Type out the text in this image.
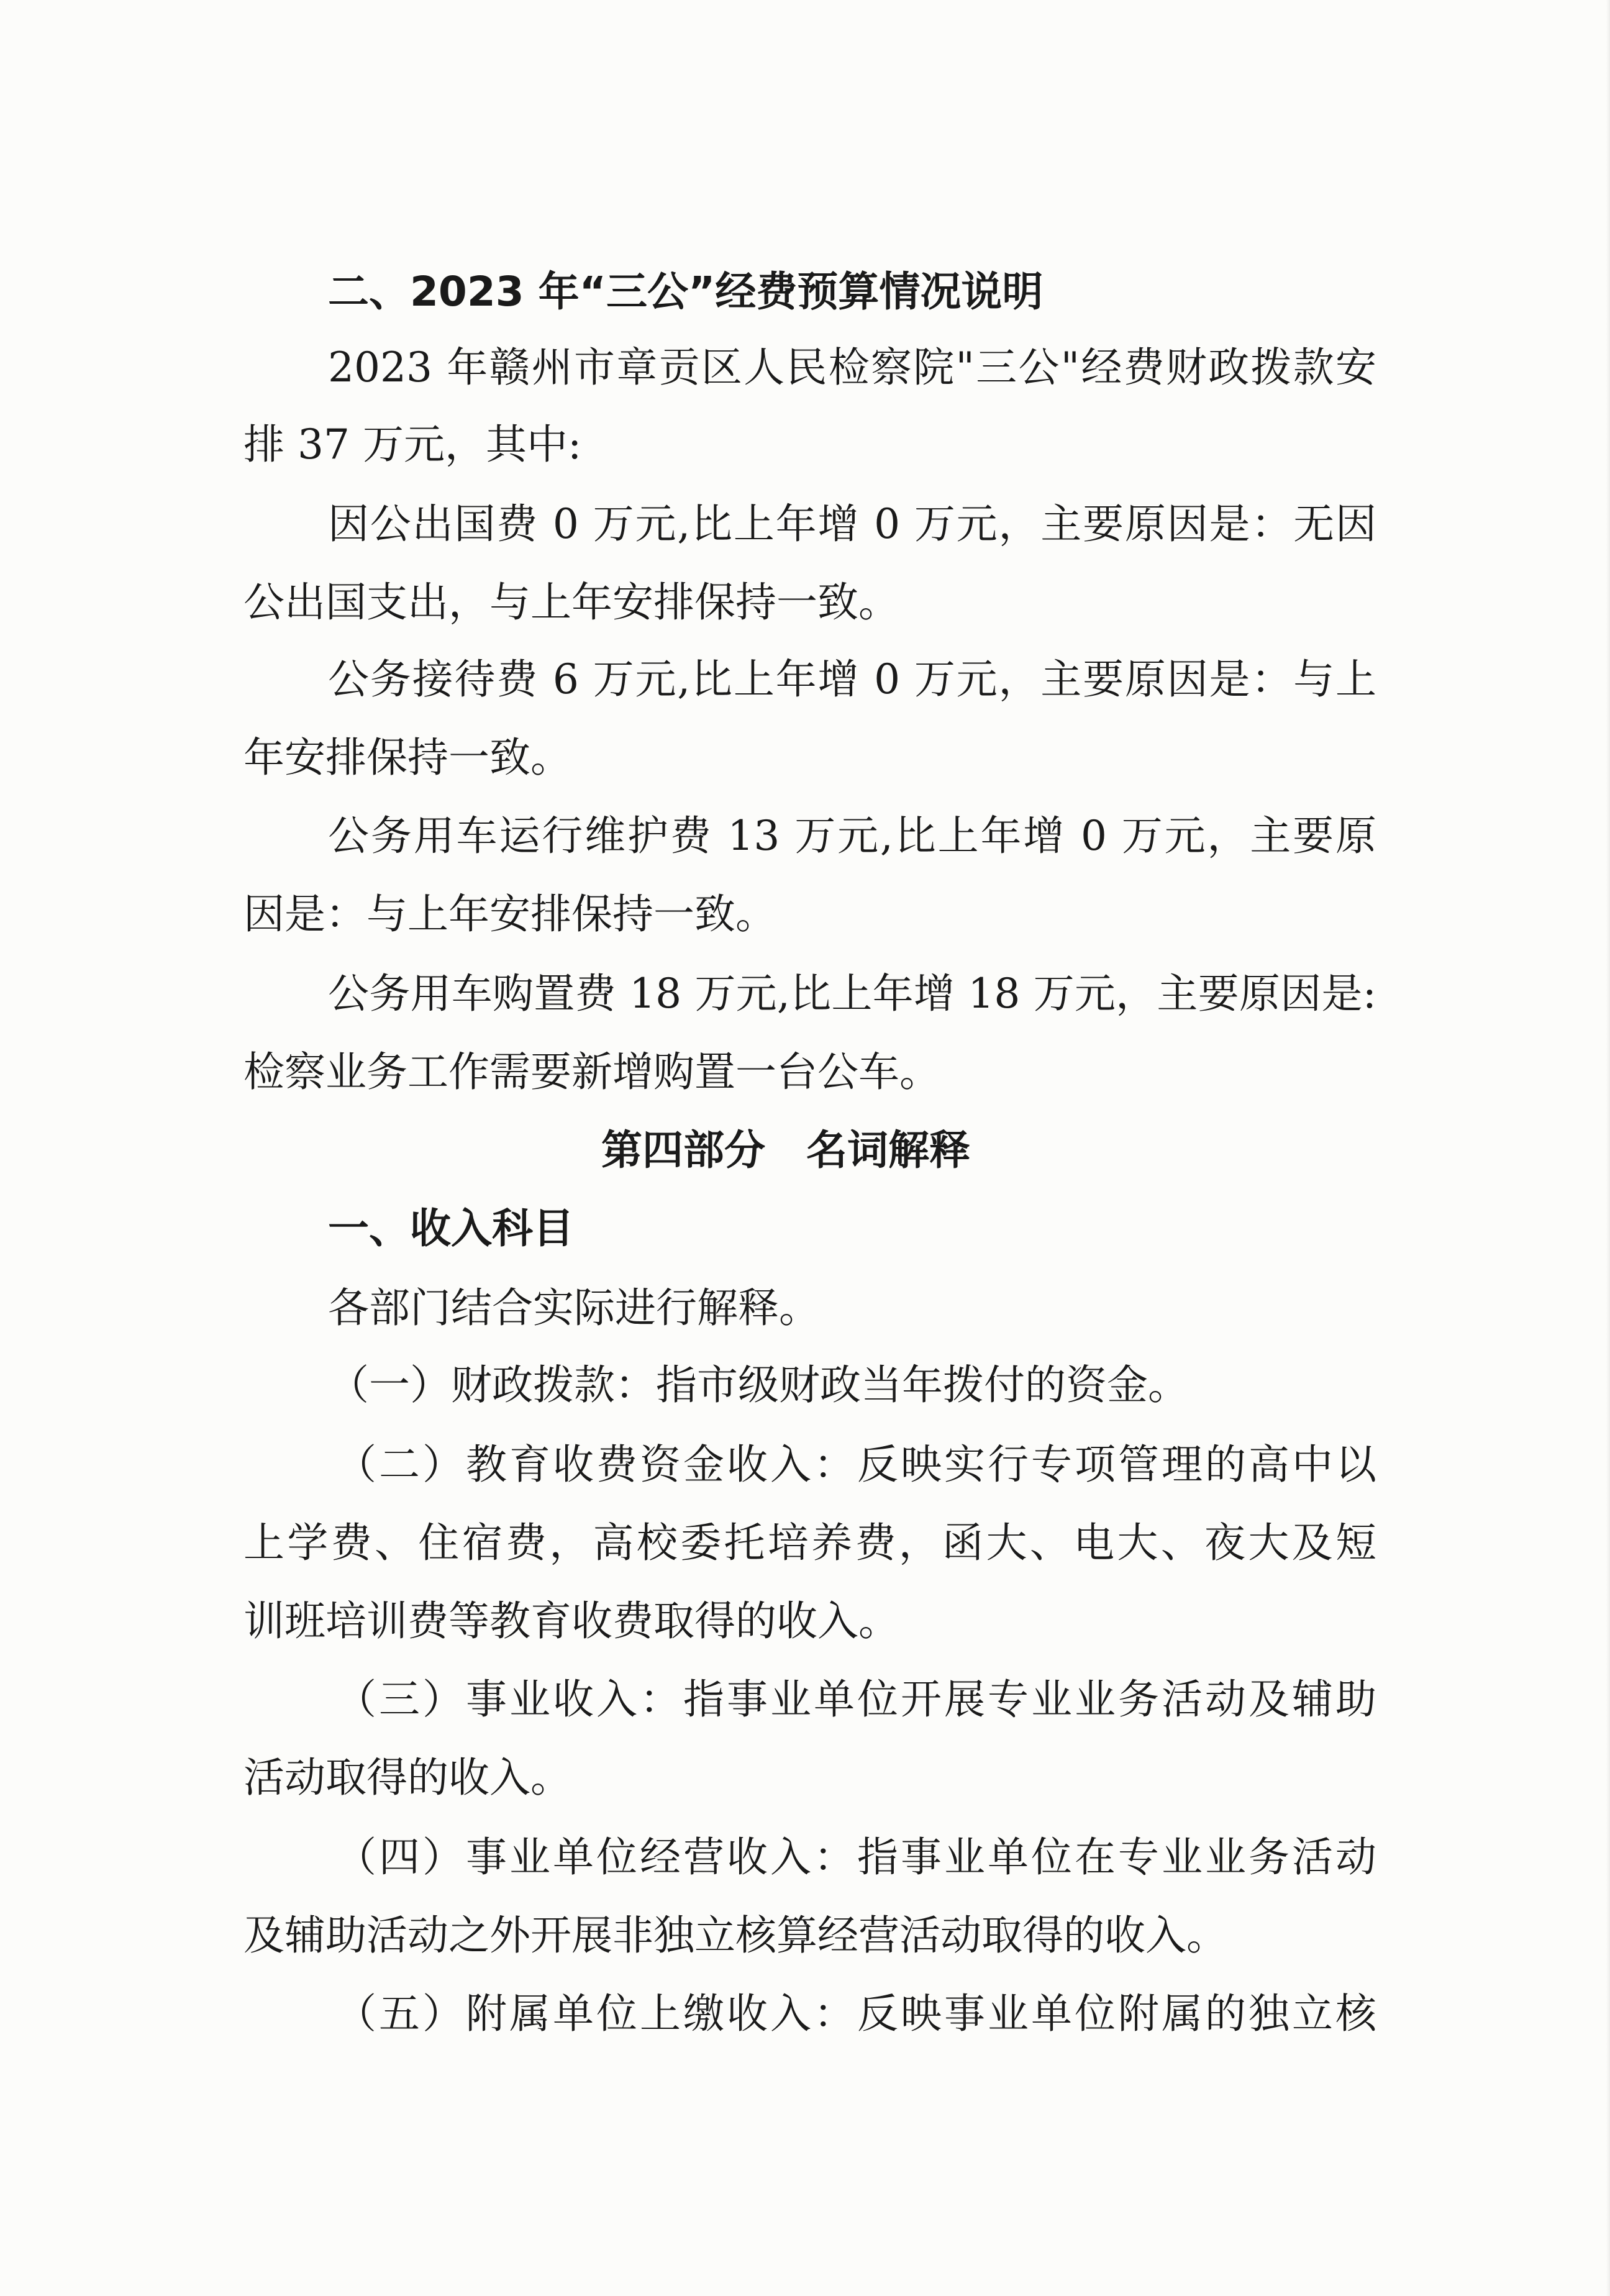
二、2023 年“三公”经费预算情况说明

2023 年赣州市章贡区人民检察院"三公"经费财政拨款安

排 37 万元，其中:

因公出国费 0 万元,比上年增 0 万元，主要原因是：无因

公出国支出，与上年安排保持一致。

公务接待费 6 万元,比上年增 0 万元，主要原因是：与上

年安排保持一致。

公务用车运行维护费 13 万元,比上年增 0 万元，主要原

因是：与上年安排保持一致。

公务用车购置费 18 万元,比上年增 18 万元，主要原因是:

检察业务工作需要新增购置一台公车。

第四部分　名词解释

一、收入科目

各部门结合实际进行解释。

（一）财政拨款：指市级财政当年拨付的资金。

（二）教育收费资金收入：反映实行专项管理的高中以

上学费、住宿费，高校委托培养费，函大、电大、夜大及短

训班培训费等教育收费取得的收入。

（三）事业收入：指事业单位开展专业业务活动及辅助

活动取得的收入。

（四）事业单位经营收入：指事业单位在专业业务活动

及辅助活动之外开展非独立核算经营活动取得的收入。

（五）附属单位上缴收入：反映事业单位附属的独立核
